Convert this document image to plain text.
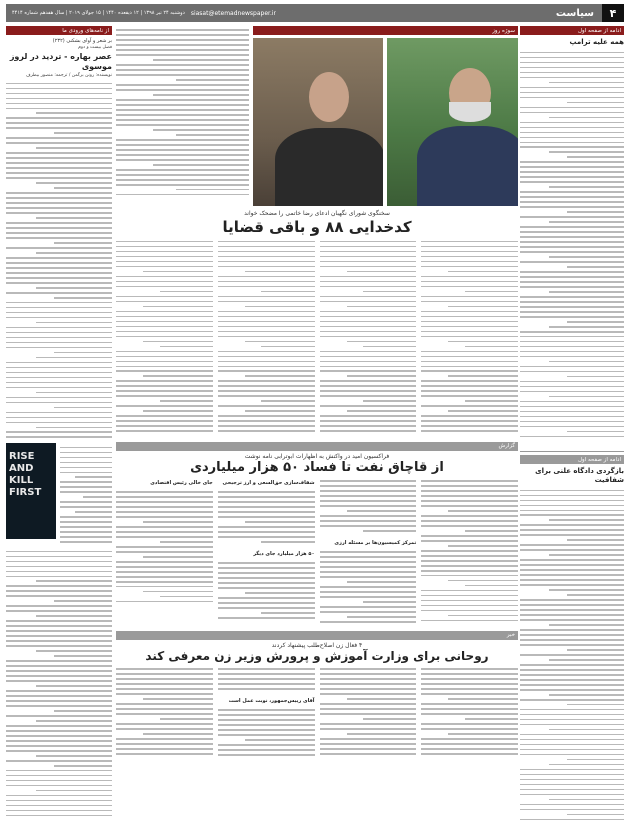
۴
سیاست
siasat@etemadnewspaper.ir
دوشنبه ۲۴ تیر ۱۳۹۸ | ۱۲ ذیقعده ۱۴۴۰ | ۱۵ جولای ۲۰۱۹ | سال هفدهم شماره ۴۴۱۴
ادامه از صفحه اول
همه علیه ترامپ
ادامه از صفحه اول
بازگردی دادگاه علنی برای شفافیت
از نامه‌های ورودی ما
بر شعر و آوای بشکنی (۲۳۲)
فصل بیست و دوم
عصر بهاره - تردید در لروز موسوی
نویسنده: رونن برگمن / ترجمه: منصور بیطرف
RISE AND KILL FIRST
سوژه روز
سخنگوی شورای نگهبان ادعای رضا خاتمی را مضحک خواند
کدخدایی ۸۸ و باقی قضایا
گزارش
فراکسیون امید در واکنش به اظهارات ابوترابی نامه نوشت
از قاچاق نفت تا فساد ۵۰ هزار میلیاردی
تمرکز کمیسیون‌ها بر مسئله ارزی
شفاف‌سازی حق‌السعی و ارز ترجیحی
۵۰ هزار میلیارد جای دیگر
جای خالی رئیس اقتصادی
خبر
۴ فعال زن اصلاح‌طلب پیشنهاد کردند
روحانی برای وزارت آموزش و پرورش وزیر زن معرفی کند
آقای رییس‌جمهور، نوبت عمل است
